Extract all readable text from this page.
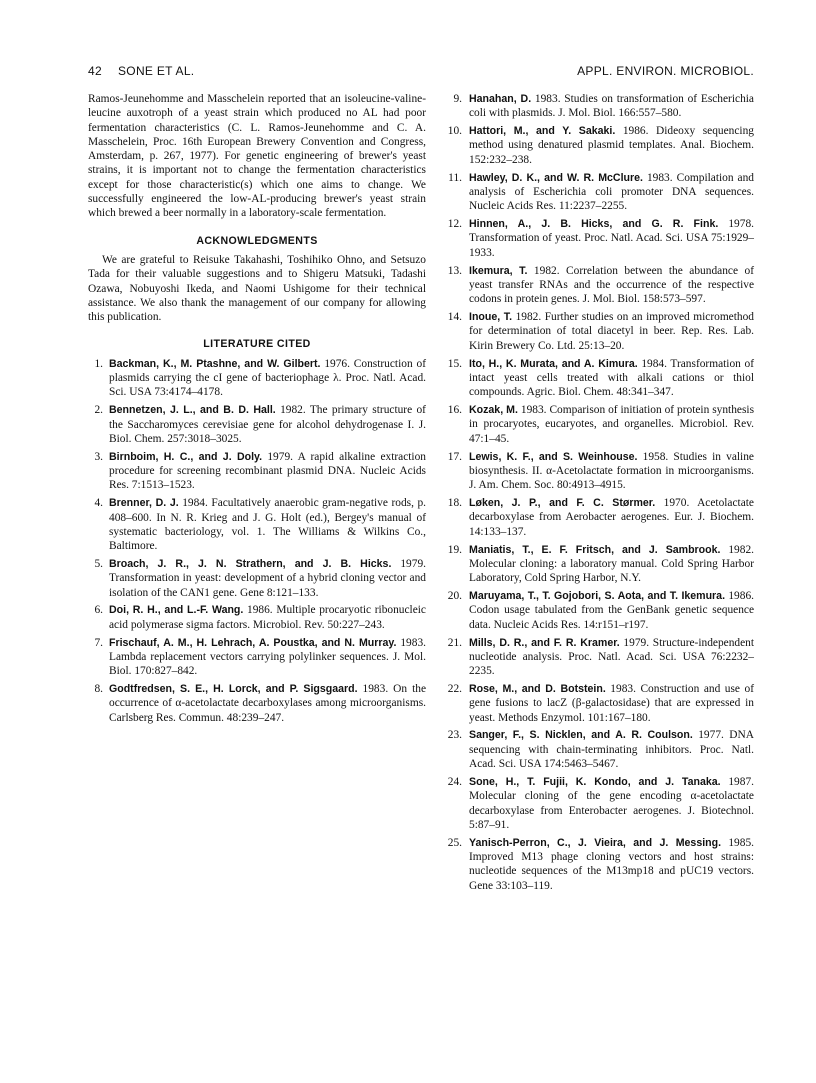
42 SONE ET AL.	APPL. ENVIRON. MICROBIOL.

Ramos-Jeunehomme and Masschelein reported that an isoleucine-valine-leucine auxotroph of a yeast strain which produced no AL had poor fermentation characteristics (C. L. Ramos-Jeunehomme and C. A. Masschelein, Proc. 16th European Brewery Convention and Congress, Amsterdam, p. 267, 1977). For genetic engineering of brewer's yeast strains, it is important not to change the fermentation characteristics except for those characteristic(s) which one aims to change. We successfully engineered the low-AL-producing brewer's yeast strain which brewed a beer normally in a laboratory-scale fermentation.

ACKNOWLEDGMENTS

We are grateful to Reisuke Takahashi, Toshihiko Ohno, and Setsuzo Tada for their valuable suggestions and to Shigeru Matsuki, Tadashi Ozawa, Nobuyoshi Ikeda, and Naomi Ushigome for their technical assistance. We also thank the management of our company for allowing this publication.

LITERATURE CITED
1. Backman, K., M. Ptashne, and W. Gilbert. 1976. Construction of plasmids carrying the cI gene of bacteriophage λ. Proc. Natl. Acad. Sci. USA 73:4174–4178.
2. Bennetzen, J. L., and B. D. Hall. 1982. The primary structure of the Saccharomyces cerevisiae gene for alcohol dehydrogenase I. J. Biol. Chem. 257:3018–3025.
3. Birnboim, H. C., and J. Doly. 1979. A rapid alkaline extraction procedure for screening recombinant plasmid DNA. Nucleic Acids Res. 7:1513–1523.
4. Brenner, D. J. 1984. Facultatively anaerobic gram-negative rods, p. 408–600. In N. R. Krieg and J. G. Holt (ed.), Bergey's manual of systematic bacteriology, vol. 1. The Williams & Wilkins Co., Baltimore.
5. Broach, J. R., J. N. Strathern, and J. B. Hicks. 1979. Transformation in yeast: development of a hybrid cloning vector and isolation of the CAN1 gene. Gene 8:121–133.
6. Doi, R. H., and L.-F. Wang. 1986. Multiple procaryotic ribonucleic acid polymerase sigma factors. Microbiol. Rev. 50:227–243.
7. Frischauf, A. M., H. Lehrach, A. Poustka, and N. Murray. 1983. Lambda replacement vectors carrying polylinker sequences. J. Mol. Biol. 170:827–842.
8. Godtfredsen, S. E., H. Lorck, and P. Sigsgaard. 1983. On the occurrence of α-acetolactate decarboxylases among microorganisms. Carlsberg Res. Commun. 48:239–247.
9. Hanahan, D. 1983. Studies on transformation of Escherichia coli with plasmids. J. Mol. Biol. 166:557–580.
10. Hattori, M., and Y. Sakaki. 1986. Dideoxy sequencing method using denatured plasmid templates. Anal. Biochem. 152:232–238.
11. Hawley, D. K., and W. R. McClure. 1983. Compilation and analysis of Escherichia coli promoter DNA sequences. Nucleic Acids Res. 11:2237–2255.
12. Hinnen, A., J. B. Hicks, and G. R. Fink. 1978. Transformation of yeast. Proc. Natl. Acad. Sci. USA 75:1929–1933.
13. Ikemura, T. 1982. Correlation between the abundance of yeast transfer RNAs and the occurrence of the respective codons in protein genes. J. Mol. Biol. 158:573–597.
14. Inoue, T. 1982. Further studies on an improved micromethod for determination of total diacetyl in beer. Rep. Res. Lab. Kirin Brewery Co. Ltd. 25:13–20.
15. Ito, H., K. Murata, and A. Kimura. 1984. Transformation of intact yeast cells treated with alkali cations or thiol compounds. Agric. Biol. Chem. 48:341–347.
16. Kozak, M. 1983. Comparison of initiation of protein synthesis in procaryotes, eucaryotes, and organelles. Microbiol. Rev. 47:1–45.
17. Lewis, K. F., and S. Weinhouse. 1958. Studies in valine biosynthesis. II. α-Acetolactate formation in microorganisms. J. Am. Chem. Soc. 80:4913–4915.
18. Løken, J. P., and F. C. Størmer. 1970. Acetolactate decarboxylase from Aerobacter aerogenes. Eur. J. Biochem. 14:133–137.
19. Maniatis, T., E. F. Fritsch, and J. Sambrook. 1982. Molecular cloning: a laboratory manual. Cold Spring Harbor Laboratory, Cold Spring Harbor, N.Y.
20. Maruyama, T., T. Gojobori, S. Aota, and T. Ikemura. 1986. Codon usage tabulated from the GenBank genetic sequence data. Nucleic Acids Res. 14:r151–r197.
21. Mills, D. R., and F. R. Kramer. 1979. Structure-independent nucleotide analysis. Proc. Natl. Acad. Sci. USA 76:2232–2235.
22. Rose, M., and D. Botstein. 1983. Construction and use of gene fusions to lacZ (β-galactosidase) that are expressed in yeast. Methods Enzymol. 101:167–180.
23. Sanger, F., S. Nicklen, and A. R. Coulson. 1977. DNA sequencing with chain-terminating inhibitors. Proc. Natl. Acad. Sci. USA 174:5463–5467.
24. Sone, H., T. Fujii, K. Kondo, and J. Tanaka. 1987. Molecular cloning of the gene encoding α-acetolactate decarboxylase from Enterobacter aerogenes. J. Biotechnol. 5:87–91.
25. Yanisch-Perron, C., J. Vieira, and J. Messing. 1985. Improved M13 phage cloning vectors and host strains: nucleotide sequences of the M13mp18 and pUC19 vectors. Gene 33:103–119.
